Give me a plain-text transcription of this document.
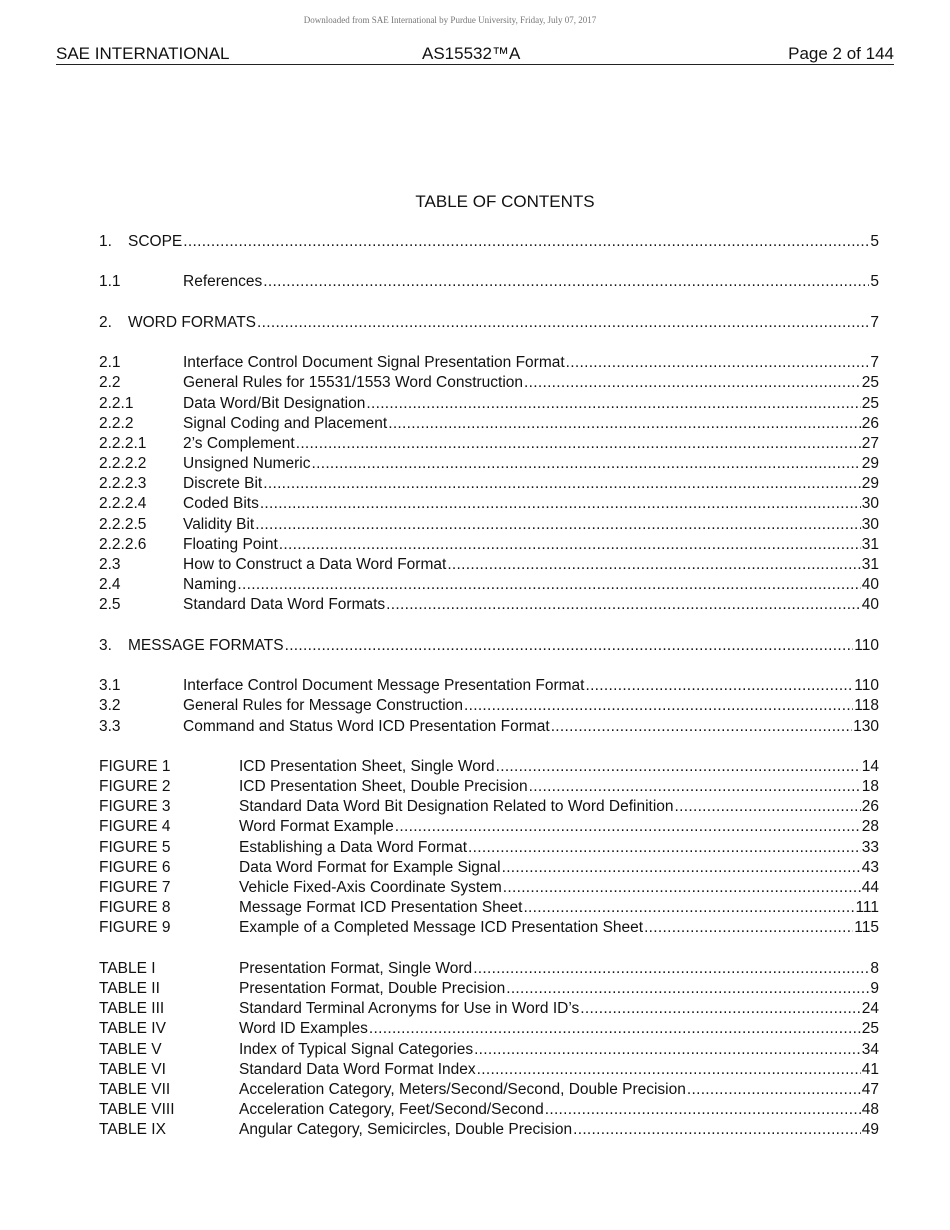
Downloaded from SAE International by Purdue University, Friday, July 07, 2017
SAE INTERNATIONAL	AS15532™A	Page 2 of 144
TABLE OF CONTENTS
1.	SCOPE .....	5
1.1	References .....	5
2.	WORD FORMATS .....	7
2.1	Interface Control Document Signal Presentation Format .....	7
2.2	General Rules for 15531/1553 Word Construction .....	25
2.2.1	Data Word/Bit Designation .....	25
2.2.2	Signal Coding and Placement .....	26
2.2.2.1	2’s Complement .....	27
2.2.2.2	Unsigned Numeric .....	29
2.2.2.3	Discrete Bit .....	29
2.2.2.4	Coded Bits .....	30
2.2.2.5	Validity Bit .....	30
2.2.2.6	Floating Point .....	31
2.3	How to Construct a Data Word Format .....	31
2.4	Naming .....	40
2.5	Standard Data Word Formats .....	40
3.	MESSAGE FORMATS .....	110
3.1	Interface Control Document Message Presentation Format .....	110
3.2	General Rules for Message Construction .....	118
3.3	Command and Status Word ICD Presentation Format .....	130
FIGURE 1	ICD Presentation Sheet, Single Word .....	14
FIGURE 2	ICD Presentation Sheet, Double Precision .....	18
FIGURE 3	Standard Data Word Bit Designation Related to Word Definition .....	26
FIGURE 4	Word Format Example .....	28
FIGURE 5	Establishing a Data Word Format .....	33
FIGURE 6	Data Word Format for Example Signal .....	43
FIGURE 7	Vehicle Fixed-Axis Coordinate System .....	44
FIGURE 8	Message Format ICD Presentation Sheet .....	111
FIGURE 9	Example of a Completed Message ICD Presentation Sheet .....	115
TABLE I	Presentation Format, Single Word .....	8
TABLE II	Presentation Format, Double Precision .....	9
TABLE III	Standard Terminal Acronyms for Use in Word ID’s .....	24
TABLE IV	Word ID Examples .....	25
TABLE V	Index of Typical Signal Categories .....	34
TABLE VI	Standard Data Word Format Index .....	41
TABLE VII	Acceleration Category, Meters/Second/Second, Double Precision .....	47
TABLE VIII	Acceleration Category, Feet/Second/Second .....	48
TABLE IX	Angular Category, Semicircles, Double Precision .....	49
